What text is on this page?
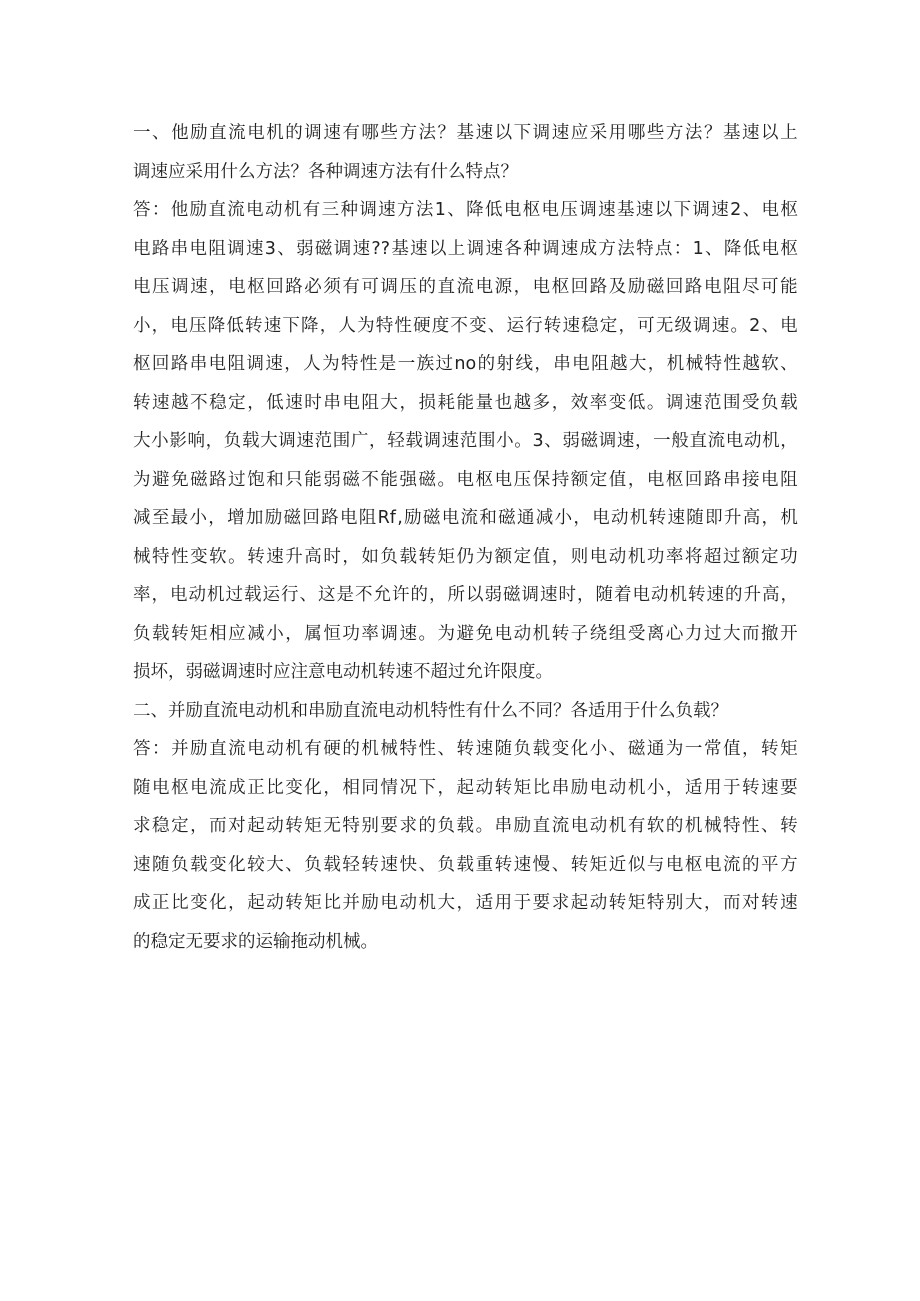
一 、 他 励 直 流 电 机 的 调 速 有 哪 些 方 法 ？ 基 速 以 下 调 速 应 采 用 哪 些 方 法 ？ 基 速 以 上
调速应采用什么方法？各种调速方法有什么特点？
答 ： 他 励 直 流 电 动 机 有 三 种 调 速 方 法 1 、 降 低 电 枢 电 压 调 速 基 速 以 下 调 速 2 、 电 枢
电 路 串 电 阻 调 速 3 、 弱 磁 调 速 ?? 基 速 以 上 调 速 各 种 调 速 成 方 法 特 点 ： 1 、 降 低 电 枢
电 压 调 速 ， 电 枢 回 路 必 须 有 可 调 压 的 直 流 电 源 ， 电 枢 回 路 及 励 磁 回 路 电 阻 尽 可 能
小 ， 电 压 降 低 转 速 下 降 ， 人 为 特 性 硬 度 不 变 、 运 行 转 速 稳 定 ， 可 无 级 调 速 。 2 、 电
枢 回 路 串 电 阻 调 速 ， 人 为 特 性 是 一 族 过 no 的 射 线 ， 串 电 阻 越 大 ， 机 械 特 性 越 软 、
转 速 越 不 稳 定 ， 低 速 时 串 电 阻 大 ， 损 耗 能 量 也 越 多 ， 效 率 变 低 。 调 速 范 围 受 负 载
大 小 影 响 ， 负 载 大 调 速 范 围 广 ， 轻 载 调 速 范 围 小 。 3 、 弱 磁 调 速 ， 一 般 直 流 电 动 机 ，
为 避 免 磁 路 过 饱 和 只 能 弱 磁 不 能 强 磁 。 电 枢 电 压 保 持 额 定 值 ， 电 枢 回 路 串 接 电 阻
减 至 最 小 ， 增 加 励 磁 回 路 电 阻 Rf , 励 磁 电 流 和 磁 通 减 小 ， 电 动 机 转 速 随 即 升 高 ， 机
械 特 性 变 软 。 转 速 升 高 时 ， 如 负 载 转 矩 仍 为 额 定 值 ， 则 电 动 机 功 率 将 超 过 额 定 功
率 ， 电 动 机 过 载 运 行 、 这 是 不 允 许 的 ， 所 以 弱 磁 调 速 时 ， 随 着 电 动 机 转 速 的 升 高 ，
负 载 转 矩 相 应 减 小 ， 属 恒 功 率 调 速 。 为 避 免 电 动 机 转 子 绕 组 受 离 心 力 过 大 而 撤 开
损坏，弱磁调速时应注意电动机转速不超过允许限度。
二、并励直流电动机和串励直流电动机特性有什么不同？各适用于什么负载？
答 ： 并 励 直 流 电 动 机 有 硬 的 机 械 特 性 、 转 速 随 负 载 变 化 小 、 磁 通 为 一 常 值 ， 转 矩
随 电 枢 电 流 成 正 比 变 化 ， 相 同 情 况 下 ， 起 动 转 矩 比 串 励 电 动 机 小 ， 适 用 于 转 速 要
求 稳 定 ， 而 对 起 动 转 矩 无 特 别 要 求 的 负 载 。 串 励 直 流 电 动 机 有 软 的 机 械 特 性 、 转
速 随 负 载 变 化 较 大 、 负 载 轻 转 速 快 、 负 载 重 转 速 慢 、 转 矩 近 似 与 电 枢 电 流 的 平 方
成 正 比 变 化 ， 起 动 转 矩 比 并 励 电 动 机 大 ， 适 用 于 要 求 起 动 转 矩 特 别 大 ， 而 对 转 速
的稳定无要求的运输拖动机械。
